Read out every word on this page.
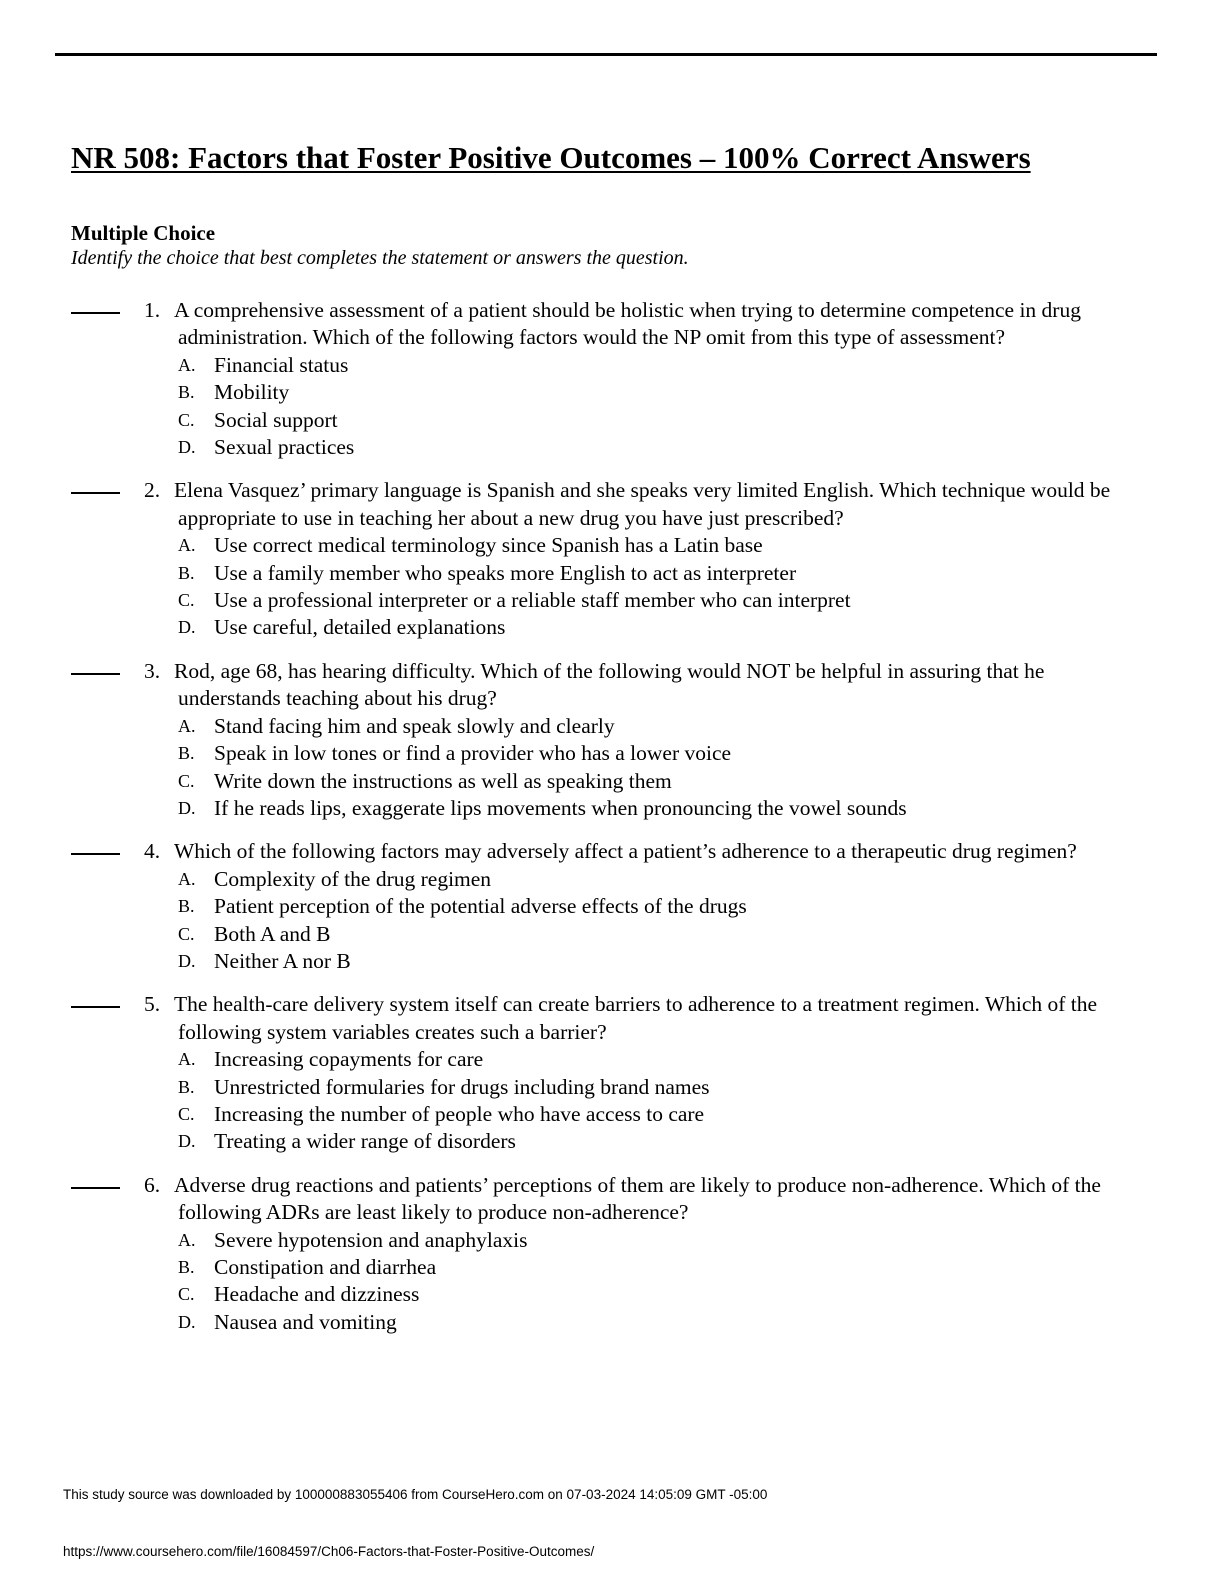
NR 508: Factors that Foster Positive Outcomes – 100% Correct Answers
Multiple Choice
Identify the choice that best completes the statement or answers the question.
1. A comprehensive assessment of a patient should be holistic when trying to determine competence in drug administration. Which of the following factors would the NP omit from this type of assessment?
A. Financial status
B. Mobility
C. Social support
D. Sexual practices
2. Elena Vasquez’ primary language is Spanish and she speaks very limited English. Which technique would be appropriate to use in teaching her about a new drug you have just prescribed?
A. Use correct medical terminology since Spanish has a Latin base
B. Use a family member who speaks more English to act as interpreter
C. Use a professional interpreter or a reliable staff member who can interpret
D. Use careful, detailed explanations
3. Rod, age 68, has hearing difficulty. Which of the following would NOT be helpful in assuring that he understands teaching about his drug?
A. Stand facing him and speak slowly and clearly
B. Speak in low tones or find a provider who has a lower voice
C. Write down the instructions as well as speaking them
D. If he reads lips, exaggerate lips movements when pronouncing the vowel sounds
4. Which of the following factors may adversely affect a patient’s adherence to a therapeutic drug regimen?
A. Complexity of the drug regimen
B. Patient perception of the potential adverse effects of the drugs
C. Both A and B
D. Neither A nor B
5. The health-care delivery system itself can create barriers to adherence to a treatment regimen. Which of the following system variables creates such a barrier?
A. Increasing copayments for care
B. Unrestricted formularies for drugs including brand names
C. Increasing the number of people who have access to care
D. Treating a wider range of disorders
6. Adverse drug reactions and patients’ perceptions of them are likely to produce non-adherence. Which of the following ADRs are least likely to produce non-adherence?
A. Severe hypotension and anaphylaxis
B. Constipation and diarrhea
C. Headache and dizziness
D. Nausea and vomiting
This study source was downloaded by 100000883055406 from CourseHero.com on 07-03-2024 14:05:09 GMT -05:00
https://www.coursehero.com/file/16084597/Ch06-Factors-that-Foster-Positive-Outcomes/
